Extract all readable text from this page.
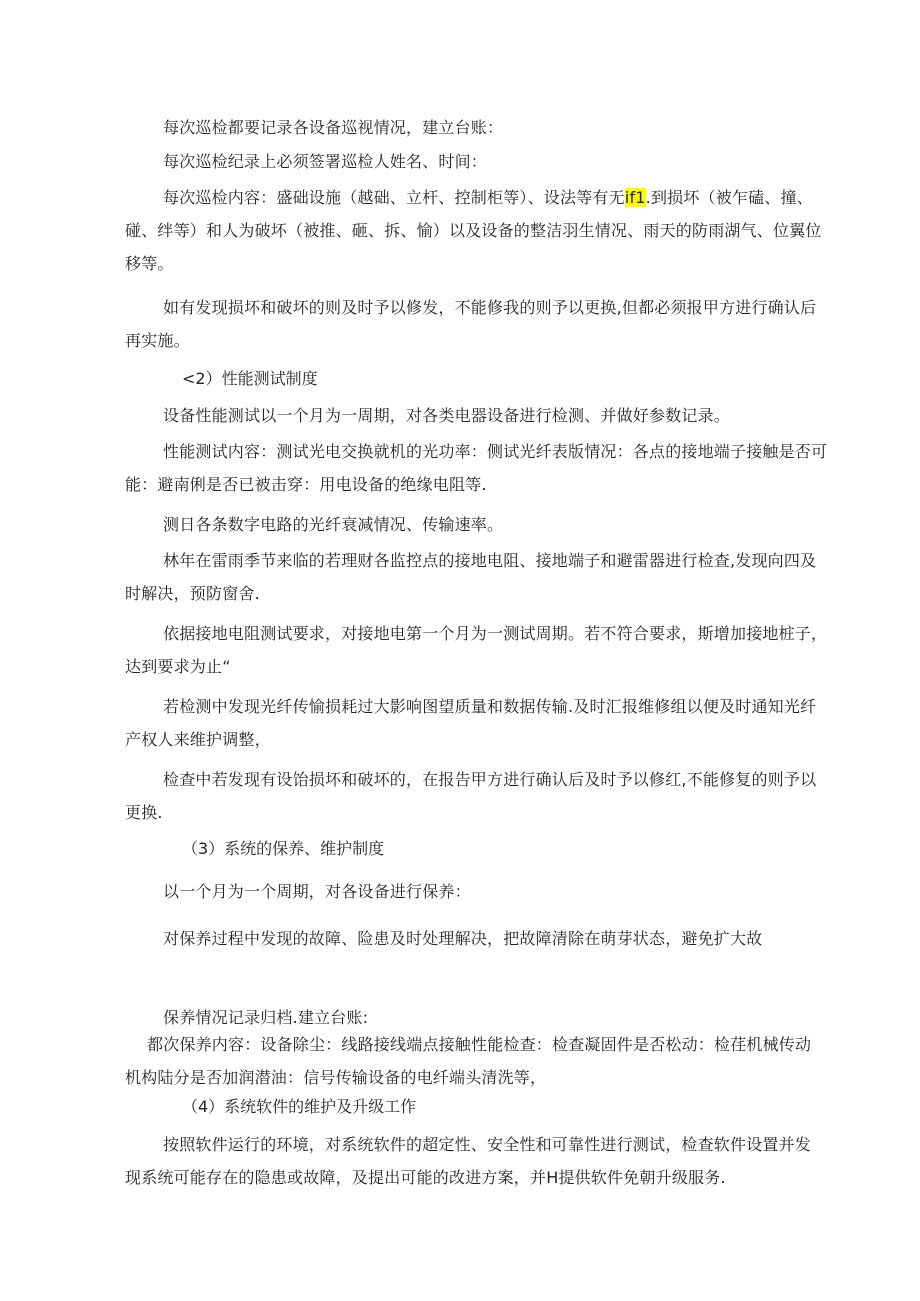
每次巡检都要记录各设备巡视情况，建立台账：

每次巡检纪录上必须签署巡检人姓名、时间：

每次巡检内容：盛础设施（越础、立杆、控制柜等）、设法等有无if1.到损坏（被乍磕、撞、
碰、绊等）和人为破坏（被推、砸、拆、愉）以及设备的整洁羽生情况、雨天的防雨湖气、位翼位
移等。

如有发现损坏和破坏的则及时予以修发，不能修我的则予以更换,但都必须报甲方进行确认后
再实施。

<2）性能测试制度

设备性能测试以一个月为一周期，对各类电器设备进行检测、并做好参数记录。

性能测试内容：测试光电交换就机的光功率：侧试光纤表版情况：各点的接地端子接触是否可
能：避南俐是否已被击穿：用电设备的绝缘电阻等.

测日各条数字电路的光纤衰减情况、传输速率。

林年在雷雨季节来临的若理财各监控点的接地电阻、接地端子和避雷器进行检查,发现向四及
时解决，预防窗舍.

依据接地电阻测试要求，对接地电第一个月为一测试周期。若不符合要求，斯增加接地桩子，
达到要求为止“

若检测中发现光纤传愉损耗过大影响图望质量和数据传输.及时汇报维修组以便及时通知光纤
产权人来维护调整，

检查中若发现有设饴损坏和破坏的，在报告甲方进行确认后及时予以修红,不能修复的则予以
更换.

（3）系统的保养、维护制度

以一个月为一个周期，对各设备进行保养：

对保养过程中发现的故障、险患及时处理解决，把故障清除在萌芽状态，避免扩大故

保养情况记录归档.建立台账:

都次保养内容：设备除尘：线路接线端点接触性能检查：检查凝固件是否松动：检荏机械传动
机构陆分是否加润潜油：信号传输设备的电纤端头清洗等，

（4）系统软件的维护及升级工作

按照软件运行的环境，对系统软件的超定性、安全性和可靠性进行测试，检查软件设置并发
现系统可能存在的隐患或故障，及提出可能的改进方案，并H提供软件免朝升级服务.
